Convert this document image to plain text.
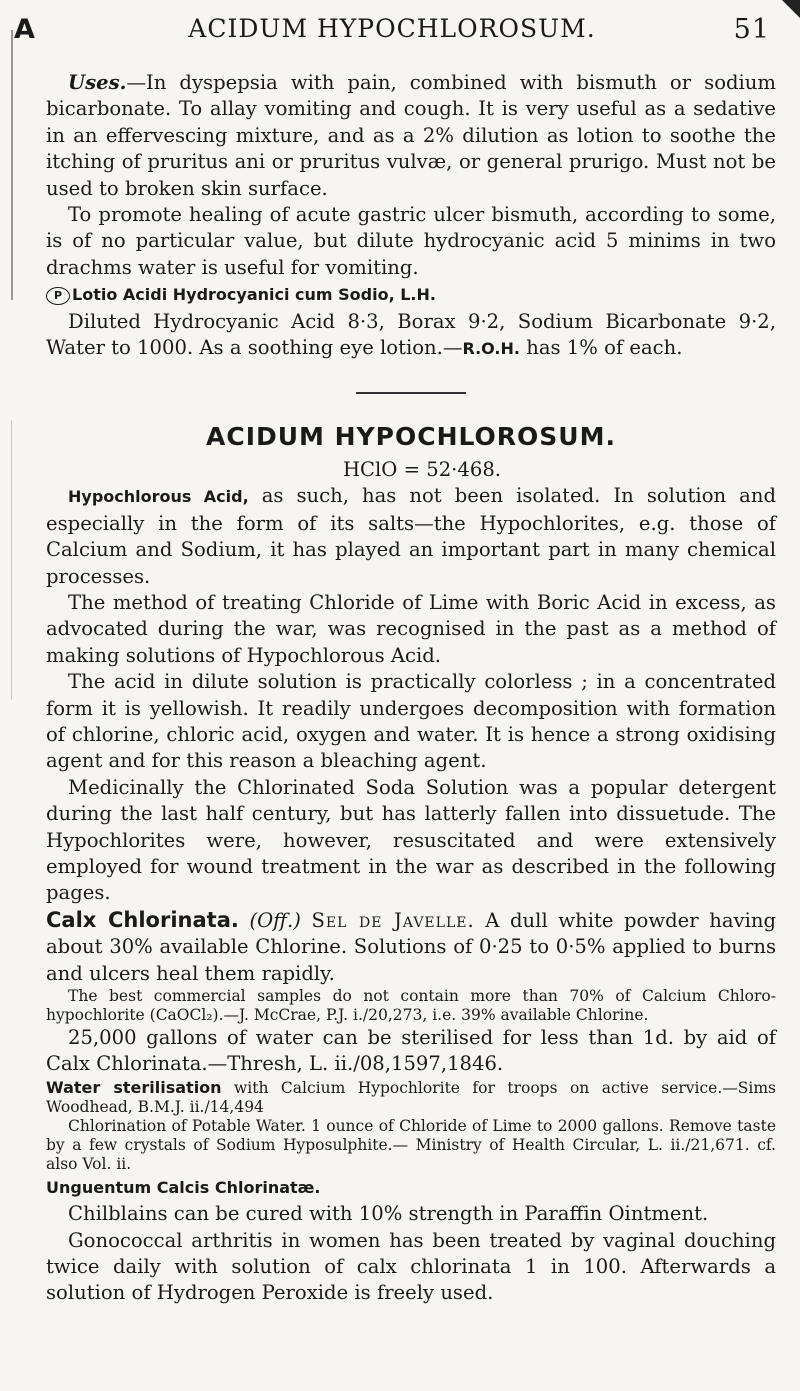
A	ACIDUM HYPOCHLOROSUM.	51

Uses.—In dyspepsia with pain, combined with bismuth or sodium bicarbonate. To allay vomiting and cough. It is very useful as a sedative in an effervescing mixture, and as a 2% dilution as lotion to soothe the itching of pruritus ani or pruritus vulvæ, or general prurigo. Must not be used to broken skin surface.

To promote healing of acute gastric ulcer bismuth, according to some, is of no particular value, but dilute hydrocyanic acid 5 minims in two drachms water is useful for vomiting.

P Lotio Acidi Hydrocyanici cum Sodio, L.H.

Diluted Hydrocyanic Acid 8·3, Borax 9·2, Sodium Bicarbonate 9·2, Water to 1000. As a soothing eye lotion.—R.O.H. has 1% of each.

ACIDUM HYPOCHLOROSUM.

HClO = 52·468.

Hypochlorous Acid, as such, has not been isolated. In solution and especially in the form of its salts—the Hypochlorites, e.g. those of Calcium and Sodium, it has played an important part in many chemical processes.

The method of treating Chloride of Lime with Boric Acid in excess, as advocated during the war, was recognised in the past as a method of making solutions of Hypochlorous Acid.

The acid in dilute solution is practically colorless ; in a concentrated form it is yellowish. It readily undergoes decomposition with formation of chlorine, chloric acid, oxygen and water. It is hence a strong oxidising agent and for this reason a bleaching agent.

Medicinally the Chlorinated Soda Solution was a popular detergent during the last half century, but has latterly fallen into dissuetude. The Hypochlorites were, however, resuscitated and were extensively employed for wound treatment in the war as described in the following pages.

Calx Chlorinata. (Off.) Sel de Javelle. A dull white powder having about 30% available Chlorine. Solutions of 0·25 to 0·5% applied to burns and ulcers heal them rapidly.

The best commercial samples do not contain more than 70% of Calcium Chloro-hypochlorite (CaOCl₂).—J. McCrae, P.J. i./20,273, i.e. 39% available Chlorine.

25,000 gallons of water can be sterilised for less than 1d. by aid of Calx Chlorinata.—Thresh, L. ii./08,1597,1846.

Water sterilisation with Calcium Hypochlorite for troops on active service.—Sims Woodhead, B.M.J. ii./14,494

Chlorination of Potable Water. 1 ounce of Chloride of Lime to 2000 gallons. Remove taste by a few crystals of Sodium Hyposulphite.— Ministry of Health Circular, L. ii./21,671. cf. also Vol. ii.

Unguentum Calcis Chlorinatæ.

Chilblains can be cured with 10% strength in Paraffin Ointment.

Gonococcal arthritis in women has been treated by vaginal douching twice daily with solution of calx chlorinata 1 in 100. Afterwards a solution of Hydrogen Peroxide is freely used.
